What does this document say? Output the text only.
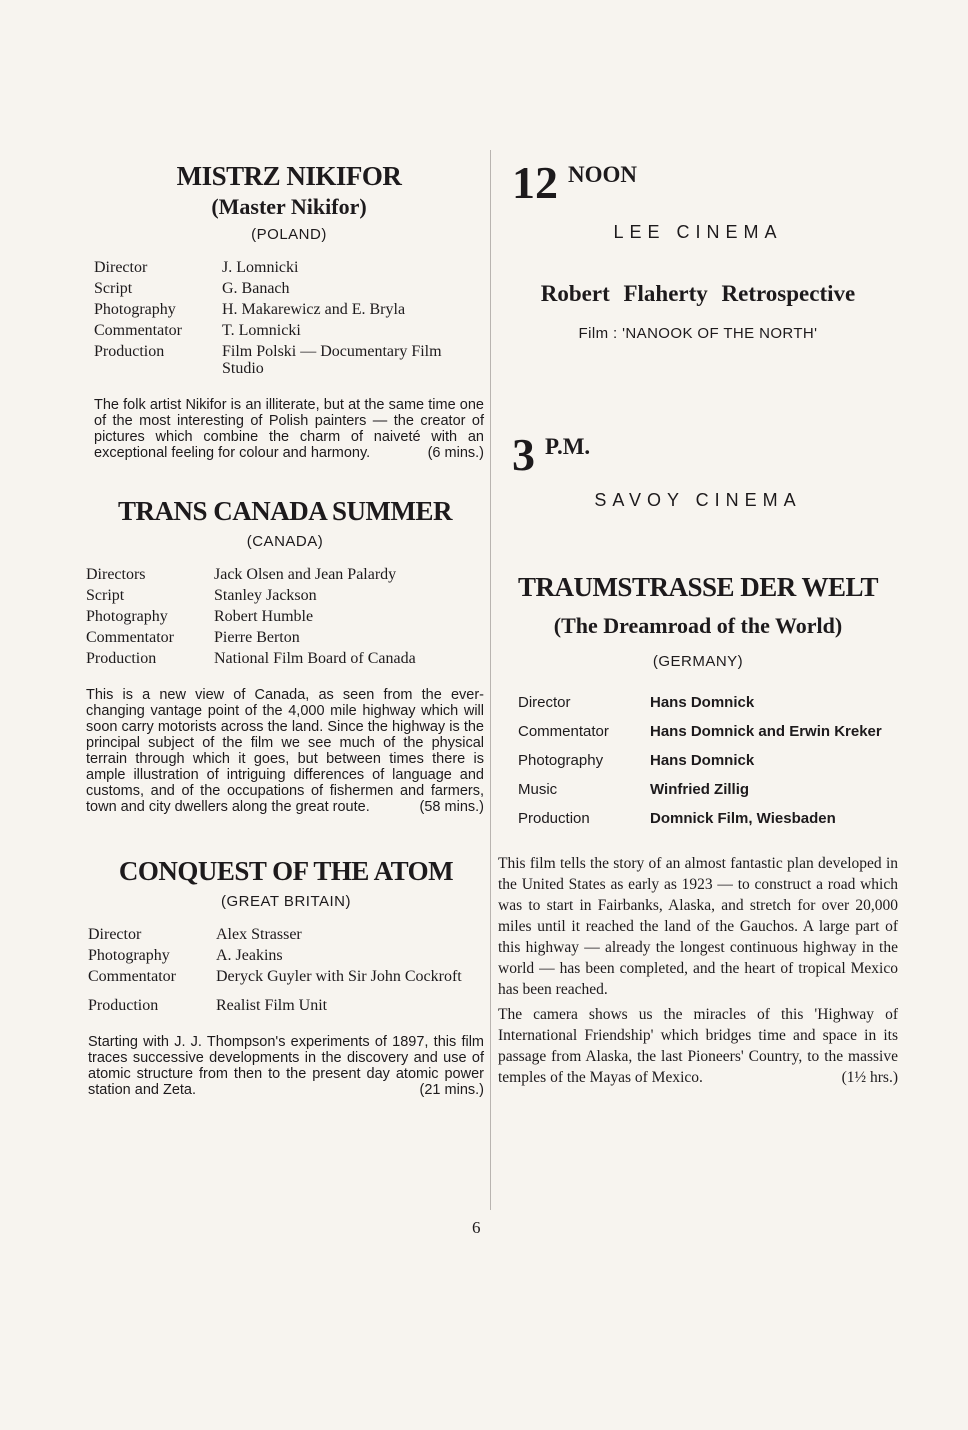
MISTRZ NIKIFOR
(Master Nikifor)
(POLAND)
Director	J. Lomnicki
Script	G. Banach
Photography	H. Makarewicz and E. Bryla
Commentator	T. Lomnicki
Production	Film Polski — Documentary Film Studio

The folk artist Nikifor is an illiterate, but at the same time one of the most interesting of Polish painters — the creator of pictures which combine the charm of naiveté with an exceptional feeling for colour and harmony.	(6 mins.)

TRANS CANADA SUMMER
(CANADA)
Directors	Jack Olsen and Jean Palardy
Script	Stanley Jackson
Photography	Robert Humble
Commentator	Pierre Berton
Production	National Film Board of Canada

This is a new view of Canada, as seen from the ever-changing vantage point of the 4,000 mile highway which will soon carry motorists across the land. Since the highway is the principal subject of the film we see much of the physical terrain through which it goes, but between times there is ample illustration of intriguing differences of language and customs, and of the occupations of fishermen and farmers, town and city dwellers along the great route.	(58 mins.)

CONQUEST OF THE ATOM
(GREAT BRITAIN)
Director	Alex Strasser
Photography	A. Jeakins
Commentator	Deryck Guyler with Sir John Cockroft
Production	Realist Film Unit

Starting with J. J. Thompson's experiments of 1897, this film traces successive developments in the discovery and use of atomic structure from then to the present day atomic power station and Zeta.	(21 mins.)

12 NOON
LEE CINEMA
Robert Flaherty Retrospective
Film : 'NANOOK OF THE NORTH'
3 P.M.
SAVOY CINEMA
TRAUMSTRASSE DER WELT
(The Dreamroad of the World)
(GERMANY)
Director	Hans Domnick
Commentator	Hans Domnick and Erwin Kreker
Photography	Hans Domnick
Music	Winfried Zillig
Production	Domnick Film, Wiesbaden

This film tells the story of an almost fantastic plan developed in the United States as early as 1923 — to construct a road which was to start in Fairbanks, Alaska, and stretch for over 20,000 miles until it reached the land of the Gauchos. A large part of this highway — already the longest continuous highway in the world — has been completed, and the heart of tropical Mexico has been reached.

The camera shows us the miracles of this 'Highway of International Friendship' which bridges time and space in its passage from Alaska, the last Pioneers' Country, to the massive temples of the Mayas of Mexico.	(1½ hrs.)

6
